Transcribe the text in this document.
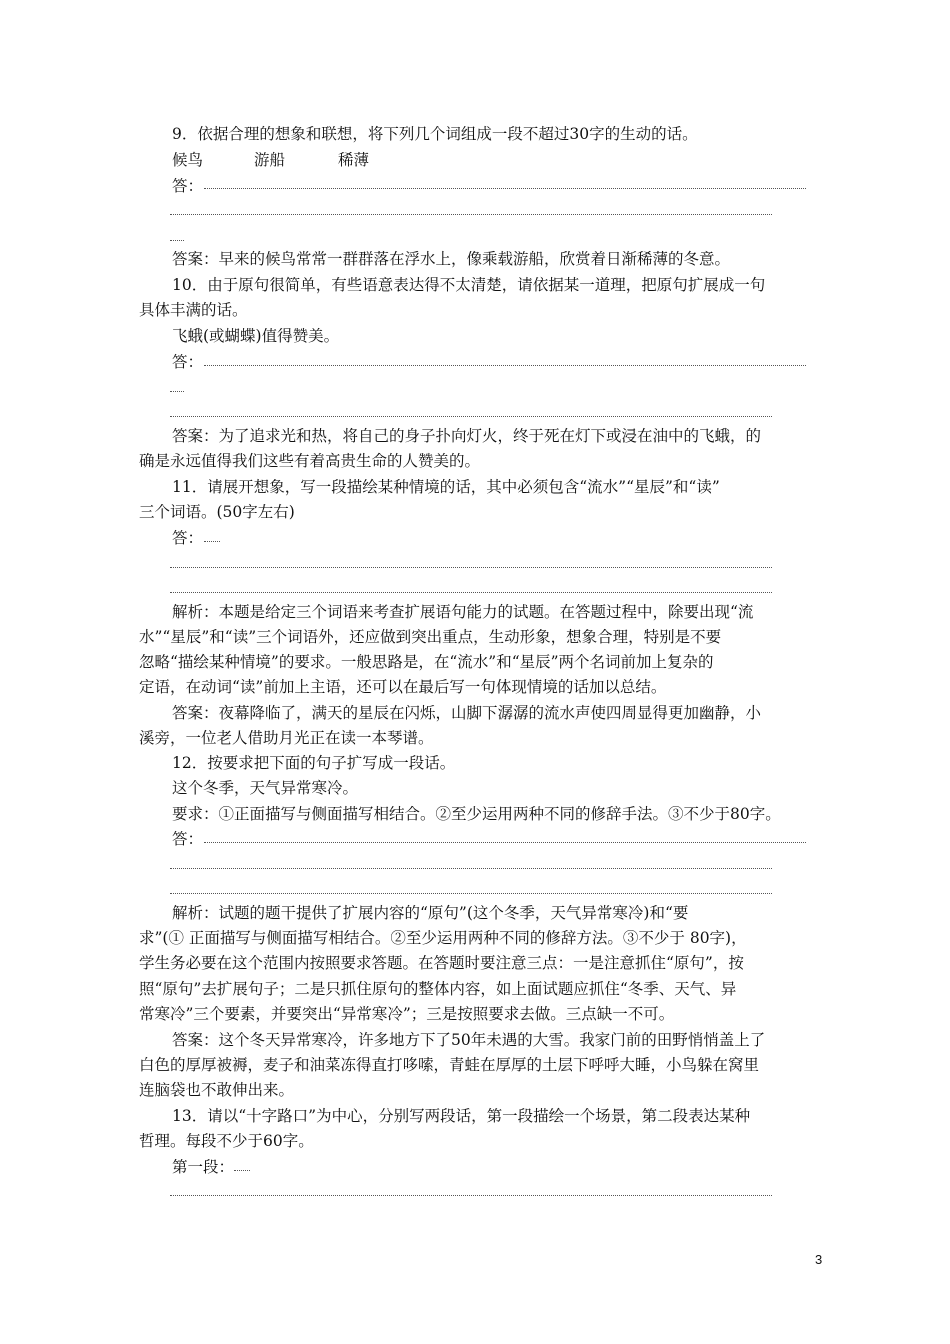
9．依据合理的想象和联想，将下列几个词组成一段不超过30字的生动的话。
候鸟	游船	稀薄
答：
答案：早来的候鸟常常一群群落在浮水上，像乘载游船，欣赏着日渐稀薄的冬意。
10．由于原句很简单，有些语意表达得不太清楚，请依据某一道理，把原句扩展成一句
具体丰满的话。
飞蛾(或蝴蝶)值得赞美。
答：
答案：为了追求光和热，将自己的身子扑向灯火，终于死在灯下或浸在油中的飞蛾，的
确是永远值得我们这些有着高贵生命的人赞美的。
11．请展开想象，写一段描绘某种情境的话，其中必须包含“流水”“星辰”和“读”
三个词语。(50字左右)
答：
解析：本题是给定三个词语来考查扩展语句能力的试题。在答题过程中，除要出现“流
水”“星辰”和“读”三个词语外，还应做到突出重点，生动形象，想象合理，特别是不要
忽略“描绘某种情境”的要求。一般思路是，在“流水”和“星辰”两个名词前加上复杂的
定语，在动词“读”前加上主语，还可以在最后写一句体现情境的话加以总结。
答案：夜幕降临了，满天的星辰在闪烁，山脚下潺潺的流水声使四周显得更加幽静，小
溪旁，一位老人借助月光正在读一本琴谱。
12．按要求把下面的句子扩写成一段话。
这个冬季，天气异常寒冷。
要求：①正面描写与侧面描写相结合。②至少运用两种不同的修辞手法。③不少于80字。
答：
解析：试题的题干提供了扩展内容的“原句”(这个冬季，天气异常寒冷)和“要
求”(① 正面描写与侧面描写相结合。②至少运用两种不同的修辞方法。③不少于 80字)，
学生务必要在这个范围内按照要求答题。在答题时要注意三点：一是注意抓住“原句”，按
照“原句”去扩展句子；二是只抓住原句的整体内容，如上面试题应抓住“冬季、天气、异
常寒冷”三个要素，并要突出“异常寒冷”；三是按照要求去做。三点缺一不可。
答案：这个冬天异常寒冷，许多地方下了50年未遇的大雪。我家门前的田野悄悄盖上了
白色的厚厚被褥，麦子和油菜冻得直打哆嗦，青蛙在厚厚的土层下呼呼大睡，小鸟躲在窝里
连脑袋也不敢伸出来。
13．请以“十字路口”为中心，分别写两段话，第一段描绘一个场景，第二段表达某种
哲理。每段不少于60字。
第一段：
3
